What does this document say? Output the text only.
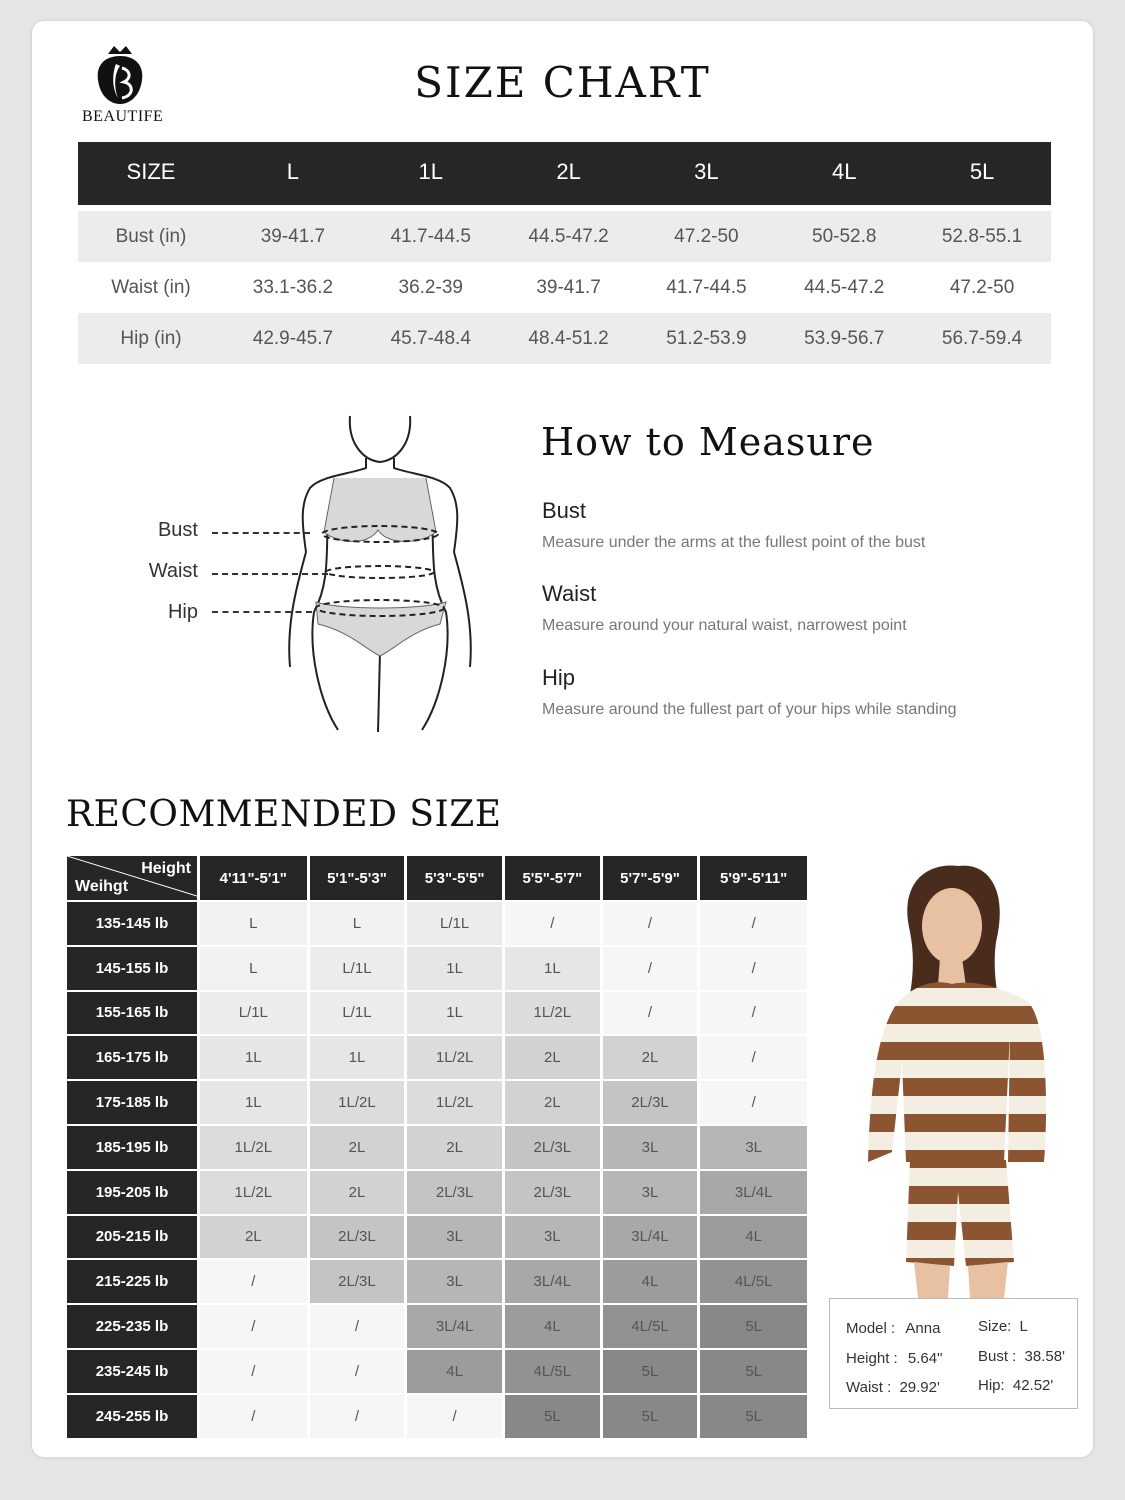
BEAUTIFE
SIZE CHART
SIZE	L	1L	2L	3L	4L	5L

Bust (in)	39-41.7	41.7-44.5	44.5-47.2	47.2-50	50-52.8	52.8-55.1
Waist (in)	33.1-36.2	36.2-39	39-41.7	41.7-44.5	44.5-47.2	47.2-50
Hip (in)	42.9-45.7	45.7-48.4	48.4-51.2	51.2-53.9	53.9-56.7	56.7-59.4
Bust
Waist
Hip
How to Measure
Bust
Measure under the arms at the fullest point of the bust
Waist
Measure around your natural waist, narrowest point
Hip
Measure around the fullest part of your hips while standing
RECOMMENDED SIZE
Height
Weihgt	4'11"-5'1"	5'1"-5'3"	5'3"-5'5"	5'5"-5'7"	5'7"-5'9"	5'9"-5'11"
135-145 lb	L	L	L/1L	/	/	/
145-155 lb	L	L/1L	1L	1L	/	/
155-165 lb	L/1L	L/1L	1L	1L/2L	/	/
165-175 lb	1L	1L	1L/2L	2L	2L	/
175-185 lb	1L	1L/2L	1L/2L	2L	2L/3L	/
185-195 lb	1L/2L	2L	2L	2L/3L	3L	3L
195-205 lb	1L/2L	2L	2L/3L	2L/3L	3L	3L/4L
205-215 lb	2L	2L/3L	3L	3L	3L/4L	4L
215-225 lb	/	2L/3L	3L	3L/4L	4L	4L/5L
225-235 lb	/	/	3L/4L	4L	4L/5L	5L
235-245 lb	/	/	4L	4L/5L	5L	5L
245-255 lb	/	/	/	5L	5L	5L
Model : Anna	Size: L
Height : 5.64" Bust : 38.58'
Waist : 29.92'	Hip: 42.52'
